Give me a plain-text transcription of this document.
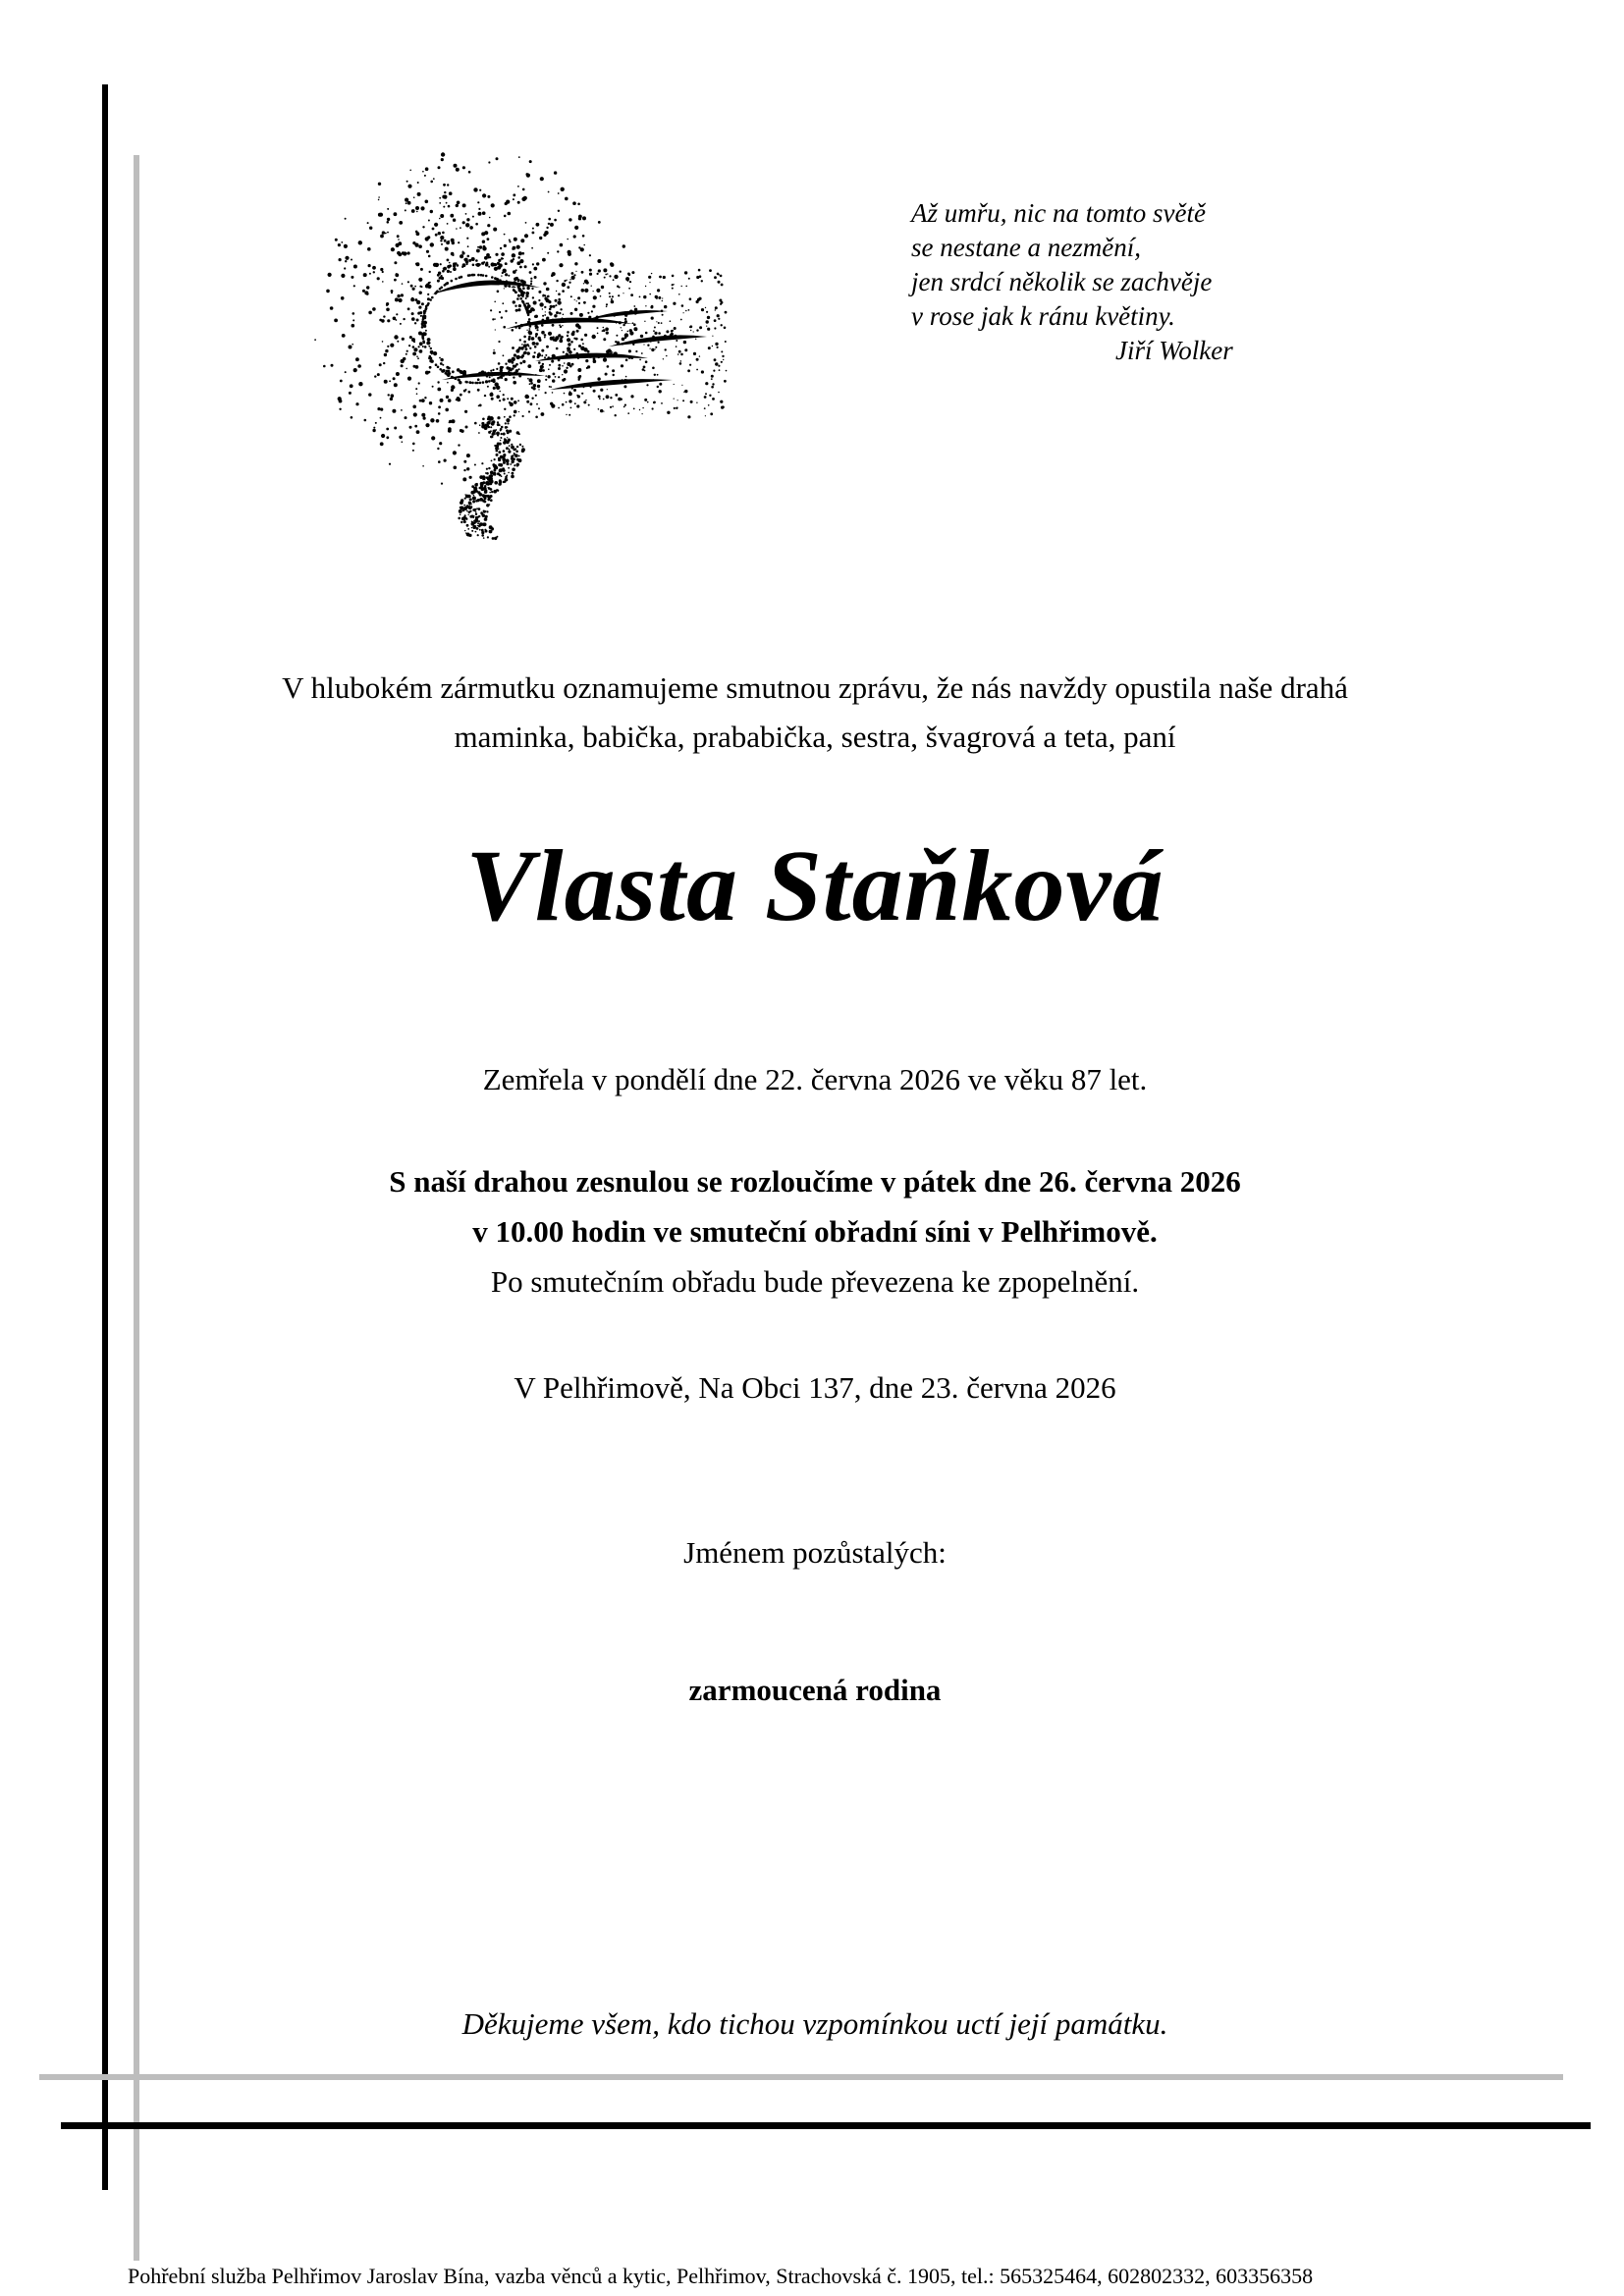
Až umřu, nic na tomto světě
se nestane a nezmění,
jen srdcí několik se zachvěje
v rose jak k ránu květiny.
Jiří Wolker
V hlubokém zármutku oznamujeme smutnou zprávu, že nás navždy opustila naše drahá
maminka, babička, prababička, sestra, švagrová a teta, paní
Vlasta Staňková
Zemřela v pondělí dne 22. června 2026 ve věku 87 let.
S naší drahou zesnulou se rozloučíme v pátek dne 26. června 2026
v 10.00 hodin ve smuteční obřadní síni v Pelhřimově.
Po smutečním obřadu bude převezena ke zpopelnění.
V Pelhřimově, Na Obci 137, dne 23. června 2026
Jménem pozůstalých:
zarmoucená rodina
Děkujeme všem, kdo tichou vzpomínkou uctí její památku.
Pohřební služba Pelhřimov Jaroslav Bína, vazba věnců a kytic, Pelhřimov, Strachovská č. 1905, tel.: 565325464, 602802332, 603356358
